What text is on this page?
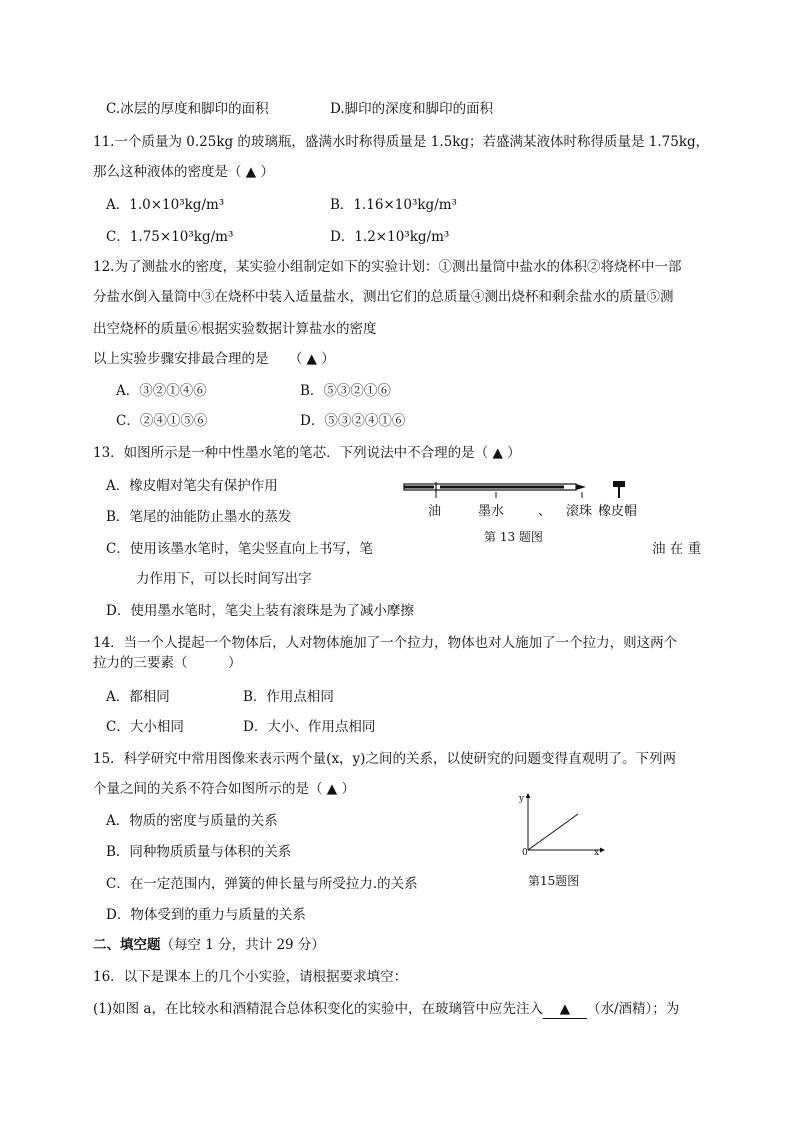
C.冰层的厚度和脚印的面积	D.脚印的深度和脚印的面积
11.一个质量为 0.25kg 的玻璃瓶，盛满水时称得质量是 1.5kg；若盛满某液体时称得质量是 1.75kg，
那么这种液体的密度是（ ▲ ）
A．1.0×10³kg/m³	B．1.16×10³kg/m³
C．1.75×10³kg/m³	D．1.2×10³kg/m³
12.为了测盐水的密度，某实验小组制定如下的实验计划：①测出量筒中盐水的体积②将烧杯中一部
分盐水倒入量筒中③在烧杯中装入适量盐水，测出它们的总质量④测出烧杯和剩余盐水的质量⑤测
出空烧杯的质量⑥根据实验数据计算盐水的密度
以上实验步骤安排最合理的是　　（ ▲ ）
A．③②①④⑥	B．⑤③②①⑥
C．②④①⑤⑥	D．⑤③②④①⑥
13．如图所示是一种中性墨水笔的笔芯．下列说法中不合理的是（ ▲ ）
A．橡皮帽对笔尖有保护作用
B．笔尾的油能防止墨水的蒸发
C．使用该墨水笔时，笔尖竖直向上书写，笔	油 在 重
力作用下，可以长时间写出字
D．使用墨水笔时，笔尖上装有滚珠是为了减小摩擦
油	墨水	、 滚珠 橡皮帽
第 13 题图
14．当一个人提起一个物体后，人对物体施加了一个拉力，物体也对人施加了一个拉力，则这两个
拉力的三要素（　　　）
A．都相同	B．作用点相同
C．大小相同	D．大小、作用点相同
15．科学研究中常用图像来表示两个量(x，y)之间的关系，以使研究的问题变得直观明了。下列两
个量之间的关系不符合如图所示的是（ ▲ ）
A．物质的密度与质量的关系
B．同种物质质量与体积的关系
C．在一定范围内，弹簧的伸长量与所受拉力.的关系
D．物体受到的重力与质量的关系
y
x
0
第15题图
二、填空题（每空 1 分，共计 29 分）
16．以下是课本上的几个小实验，请根据要求填空：
(1)如图 a，在比较水和酒精混合总体积变化的实验中，在玻璃管中应先注入 ▲ （水/酒精）；为
